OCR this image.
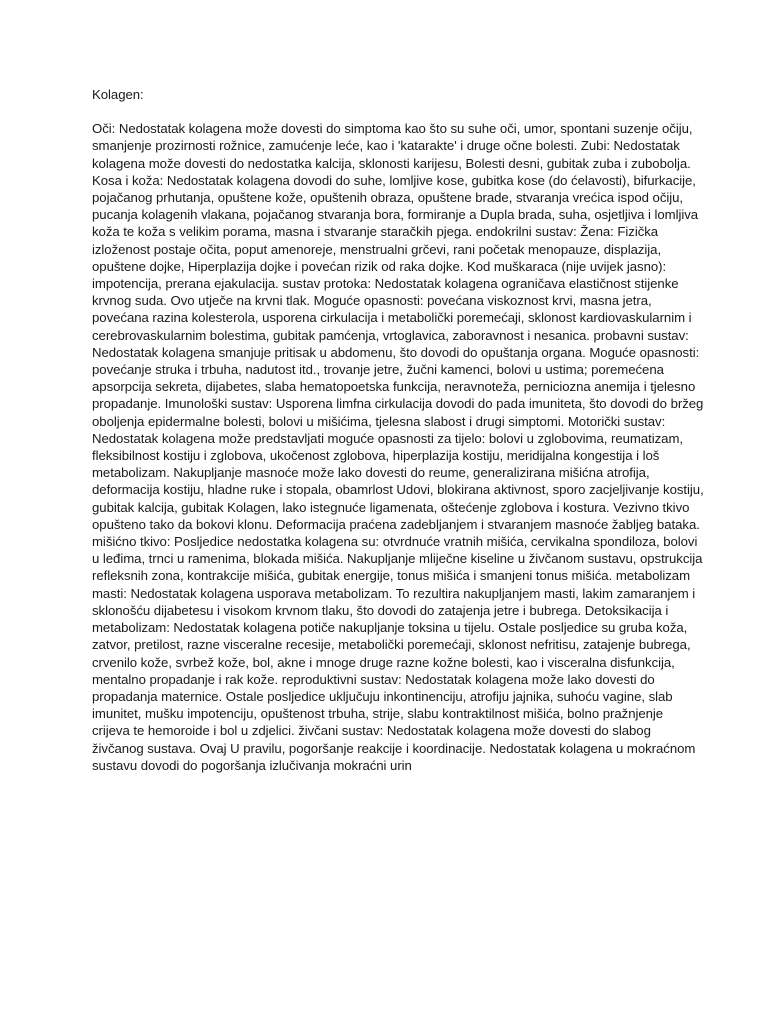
Kolagen:

Oči: Nedostatak kolagena može dovesti do simptoma kao što su suhe oči, umor, spontani suzenje očiju, smanjenje prozirnosti rožnice, zamućenje leće, kao i 'katarakte' i druge očne bolesti. Zubi: Nedostatak kolagena može dovesti do nedostatka kalcija, sklonosti karijesu, Bolesti desni, gubitak zuba i zubobolja. Kosa i koža: Nedostatak kolagena dovodi do suhe, lomljive kose, gubitka kose (do ćelavosti), bifurkacije, pojačanog prhutanja, opuštene kože, opuštenih obraza, opuštene brade, stvaranja vrećica ispod očiju, pucanja kolagenih vlakana, pojačanog stvaranja bora, formiranje a Dupla brada, suha, osjetljiva i lomljiva koža te koža s velikim porama, masna i stvaranje staračkih pjega. endokrilni sustav: Žena: Fizička izloženost postaje očita, poput amenoreje, menstrualni grčevi, rani početak menopauze, displazija, opuštene dojke, Hiperplazija dojke i povećan rizik od raka dojke. Kod muškaraca (nije uvijek jasno): impotencija, prerana ejakulacija. sustav protoka: Nedostatak kolagena ograničava elastičnost stijenke krvnog suda. Ovo utječe na krvni tlak. Moguće opasnosti: povećana viskoznost krvi, masna jetra, povećana razina kolesterola, usporena cirkulacija i metabolički poremećaji, sklonost kardiovaskularnim i cerebrovaskularnim bolestima, gubitak pamćenja, vrtoglavica, zaboravnost i nesanica. probavni sustav: Nedostatak kolagena smanjuje pritisak u abdomenu, što dovodi do opuštanja organa. Moguće opasnosti: povećanje struka i trbuha, nadutost itd., trovanje jetre, žučni kamenci, bolovi u ustima; poremećena apsorpcija sekreta, dijabetes, slaba hematopoetska funkcija, neravnoteža, perniciozna anemija i tjelesno propadanje. Imunološki sustav: Usporena limfna cirkulacija dovodi do pada imuniteta, što dovodi do bržeg oboljenja epidermalne bolesti, bolovi u mišićima, tjelesna slabost i drugi simptomi. Motorički sustav: Nedostatak kolagena može predstavljati moguće opasnosti za tijelo: bolovi u zglobovima, reumatizam, fleksibilnost kostiju i zglobova, ukočenost zglobova, hiperplazija kostiju, meridijalna kongestija i loš metabolizam. Nakupljanje masnoće može lako dovesti do reume, generalizirana mišićna atrofija, deformacija kostiju, hladne ruke i stopala, obamrlost Udovi, blokirana aktivnost, sporo zacjeljivanje kostiju, gubitak kalcija, gubitak Kolagen, lako istegnuće ligamenata, oštećenje zglobova i kostura. Vezivno tkivo opušteno tako da bokovi klonu. Deformacija praćena zadebljanjem i stvaranjem masnoće žabljeg bataka. mišićno tkivo: Posljedice nedostatka kolagena su: otvrdnuće vratnih mišića, cervikalna spondiloza, bolovi u leđima, trnci u ramenima, blokada mišića. Nakupljanje mliječne kiseline u živčanom sustavu, opstrukcija refleksnih zona, kontrakcije mišića, gubitak energije, tonus mišića i smanjeni tonus mišića. metabolizam masti: Nedostatak kolagena usporava metabolizam. To rezultira nakupljanjem masti, lakim zamaranjem i sklonošću dijabetesu i visokom krvnom tlaku, što dovodi do zatajenja jetre i bubrega. Detoksikacija i metabolizam: Nedostatak kolagena potiče nakupljanje toksina u tijelu. Ostale posljedice su gruba koža, zatvor, pretilost, razne visceralne recesije, metabolički poremećaji, sklonost nefritisu, zatajenje bubrega, crvenilo kože, svrbež kože, bol, akne i mnoge druge razne kožne bolesti, kao i visceralna disfunkcija, mentalno propadanje i rak kože. reproduktivni sustav: Nedostatak kolagena može lako dovesti do propadanja maternice. Ostale posljedice uključuju inkontinenciju, atrofiju jajnika, suhoću vagine, slab imunitet, mušku impotenciju, opuštenost trbuha, strije, slabu kontraktilnost mišića, bolno pražnjenje crijeva te hemoroide i bol u zdjelici. živčani sustav: Nedostatak kolagena može dovesti do slabog živčanog sustava. Ovaj U pravilu, pogoršanje reakcije i koordinacije. Nedostatak kolagena u mokraćnom sustavu dovodi do pogoršanja izlučivanja mokraćni urin
